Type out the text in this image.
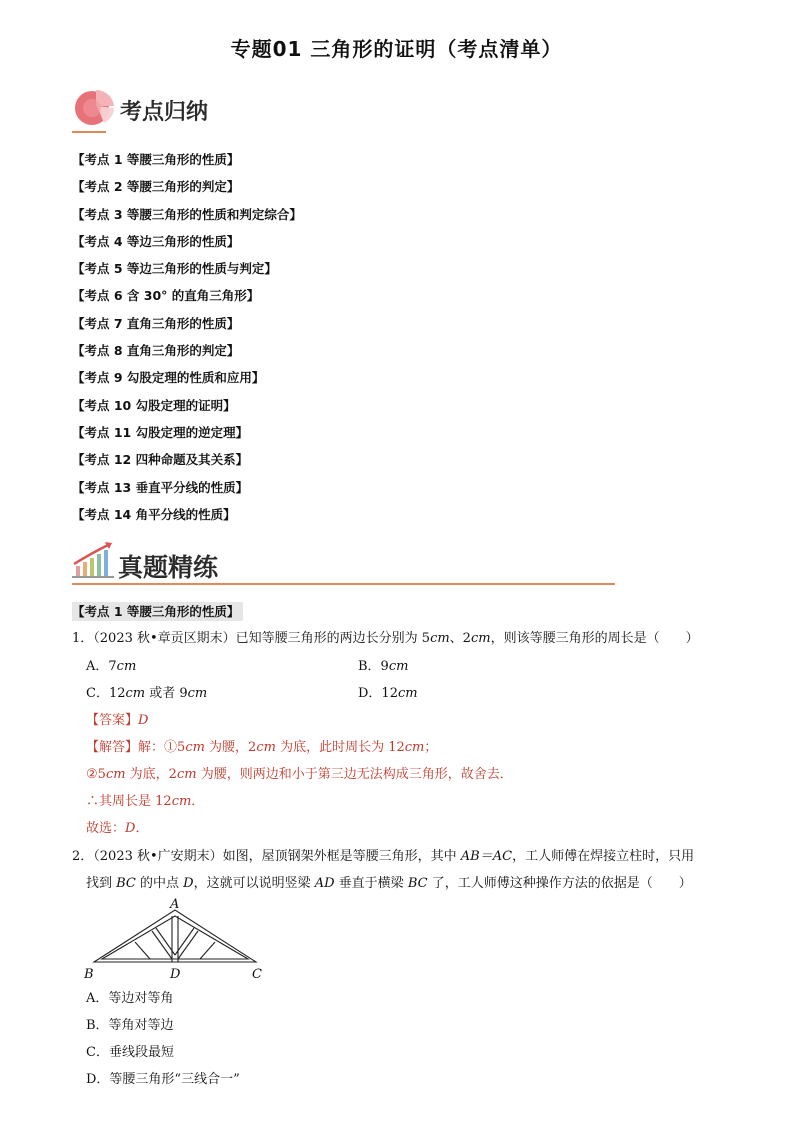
专题01 三角形的证明（考点清单）
考点归纳
【考点 1 等腰三角形的性质】
【考点 2 等腰三角形的判定】
【考点 3 等腰三角形的性质和判定综合】
【考点 4 等边三角形的性质】
【考点 5 等边三角形的性质与判定】
【考点 6 含 30° 的直角三角形】
【考点 7 直角三角形的性质】
【考点 8 直角三角形的判定】
【考点 9 勾股定理的性质和应用】
【考点 10 勾股定理的证明】
【考点 11 勾股定理的逆定理】
【考点 12 四种命题及其关系】
【考点 13 垂直平分线的性质】
【考点 14 角平分线的性质】
真题精练
【考点 1 等腰三角形的性质】
1．（2023 秋•章贡区期末）已知等腰三角形的两边长分别为 5cm、2cm，则该等腰三角形的周长是（　　）
A．7cm	B．9cm
C．12cm 或者 9cm	D．12cm
【答案】D
【解答】解：①5cm 为腰，2cm 为底，此时周长为 12cm；
②5cm 为底，2cm 为腰，则两边和小于第三边无法构成三角形，故舍去．
∴其周长是 12cm．
故选：D．
2．（2023 秋•广安期末）如图，屋顶钢架外框是等腰三角形，其中 AB＝AC，工人师傅在焊接立柱时，只用
找到 BC 的中点 D，这就可以说明竖梁 AD 垂直于横梁 BC 了，工人师傅这种操作方法的依据是（　　）
A
B	D	C
A．等边对等角
B．等角对等边
C．垂线段最短
D．等腰三角形“三线合一”
